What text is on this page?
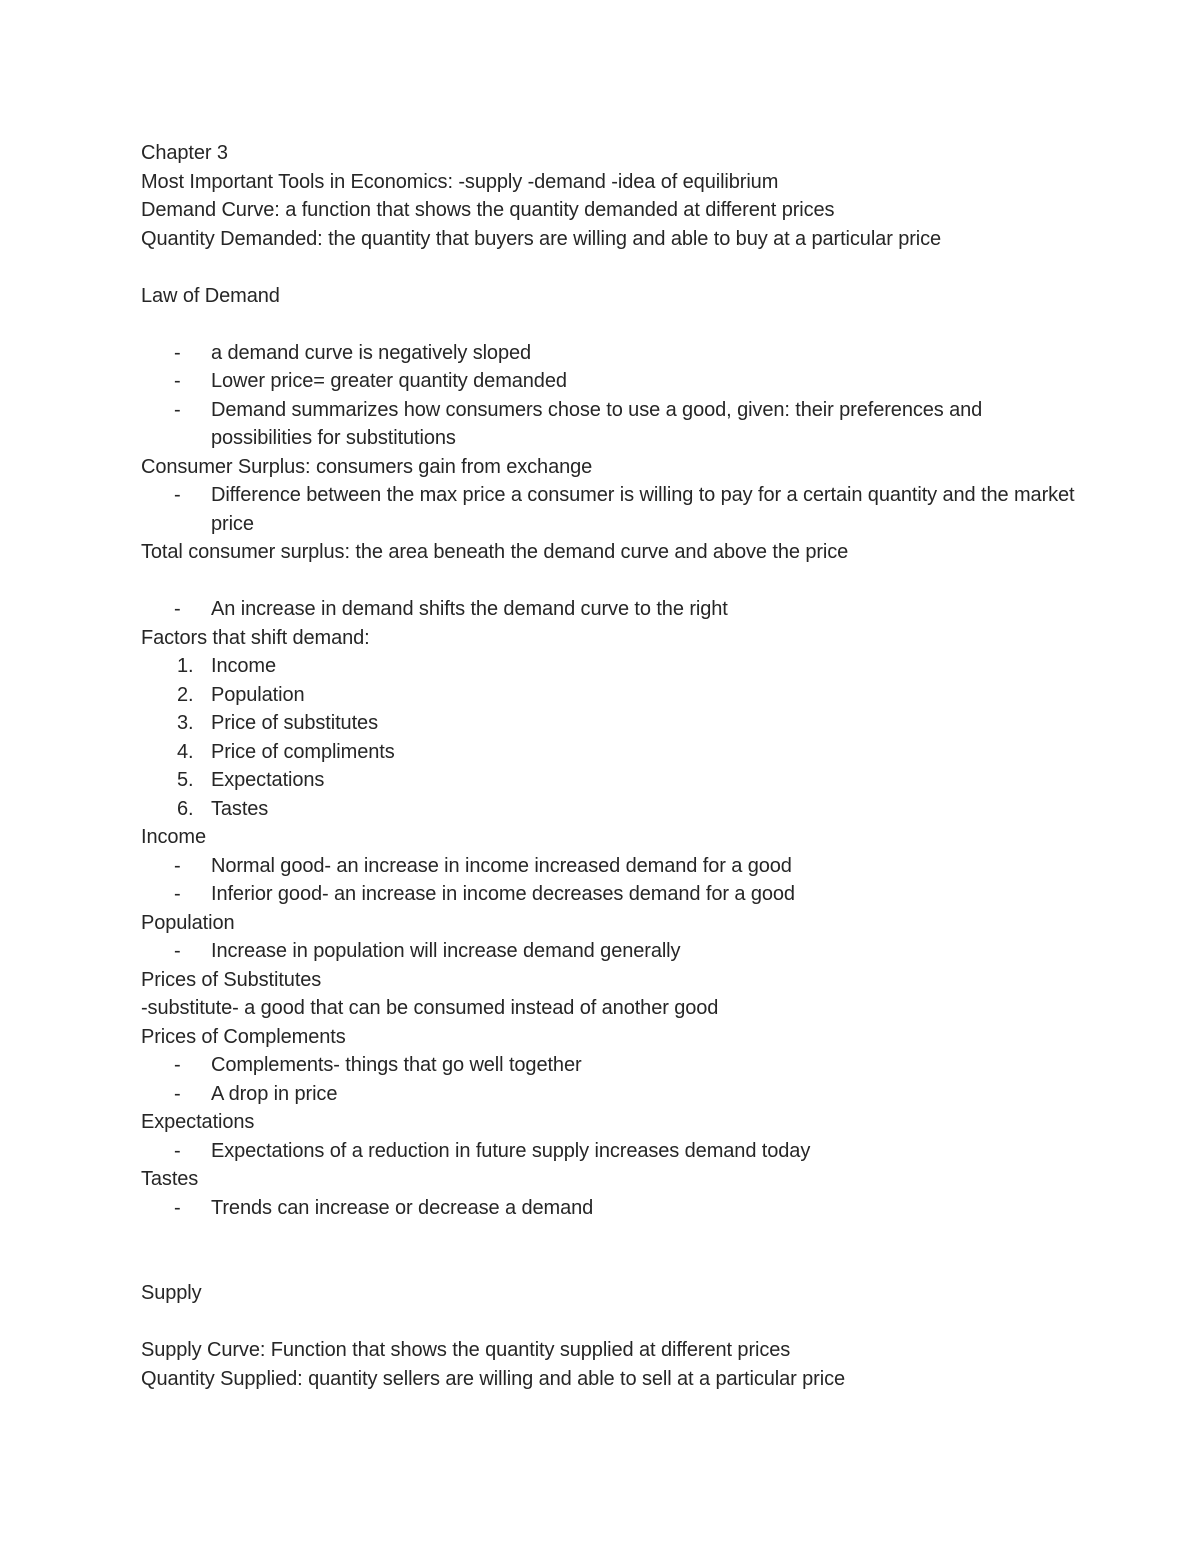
Chapter 3
Most Important Tools in Economics: -supply -demand -idea of equilibrium
Demand Curve: a function that shows the quantity demanded at different prices
Quantity Demanded: the quantity that buyers are willing and able to buy at a particular price
Law of Demand
-	a demand curve is negatively sloped
-	Lower price= greater quantity demanded
-	Demand summarizes how consumers chose to use a good, given: their preferences and possibilities for substitutions
Consumer Surplus: consumers gain from exchange
-	Difference between the max price a consumer is willing to pay for a certain quantity and the market price
Total consumer surplus: the area beneath the demand curve and above the price
-	An increase in demand shifts the demand curve to the right
Factors that shift demand:
1. Income
2. Population
3. Price of substitutes
4. Price of compliments
5. Expectations
6. Tastes
Income
-	Normal good- an increase in income increased demand for a good
-	Inferior good- an increase in income decreases demand for a good
Population
-	Increase in population will increase demand generally
Prices of Substitutes
-substitute- a good that can be consumed instead of another good
Prices of Complements
-	Complements- things that go well together
-	A drop in price
Expectations
-	Expectations of a reduction in future supply increases demand today
Tastes
-	Trends can increase or decrease a demand
Supply
Supply Curve: Function that shows the quantity supplied at different prices
Quantity Supplied: quantity sellers are willing and able to sell at a particular price
